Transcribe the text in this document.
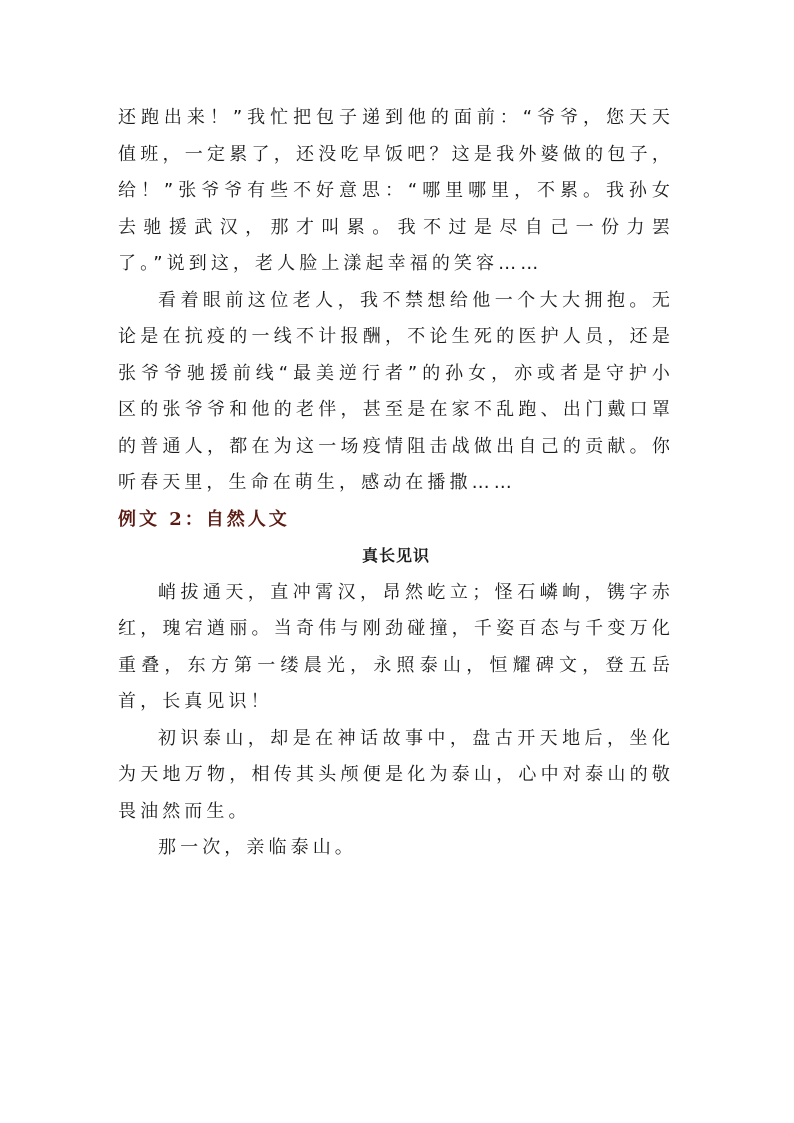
还跑出来！”我忙把包子递到他的面前：“爷爷，您天天值班，一定累了，还没吃早饭吧？这是我外婆做的包子，给！”张爷爷有些不好意思：“哪里哪里，不累。我孙女去驰援武汉，那才叫累。我不过是尽自己一份力罢了。”说到这，老人脸上漾起幸福的笑容……

看着眼前这位老人，我不禁想给他一个大大拥抱。无论是在抗疫的一线不计报酬，不论生死的医护人员，还是张爷爷驰援前线“最美逆行者”的孙女，亦或者是守护小区的张爷爷和他的老伴，甚至是在家不乱跑、出门戴口罩的普通人，都在为这一场疫情阻击战做出自己的贡献。你听春天里，生命在萌生，感动在播撒……

例文 2：自然人文

真长见识

峭拔通天，直冲霄汉，昂然屹立；怪石嶙峋，镌字赤红，瑰宕遒丽。当奇伟与刚劲碰撞，千姿百态与千变万化重叠，东方第一缕晨光，永照泰山，恒耀碑文，登五岳首，长真见识！

初识泰山，却是在神话故事中，盘古开天地后，坐化为天地万物，相传其头颅便是化为泰山，心中对泰山的敬畏油然而生。

那一次，亲临泰山。
